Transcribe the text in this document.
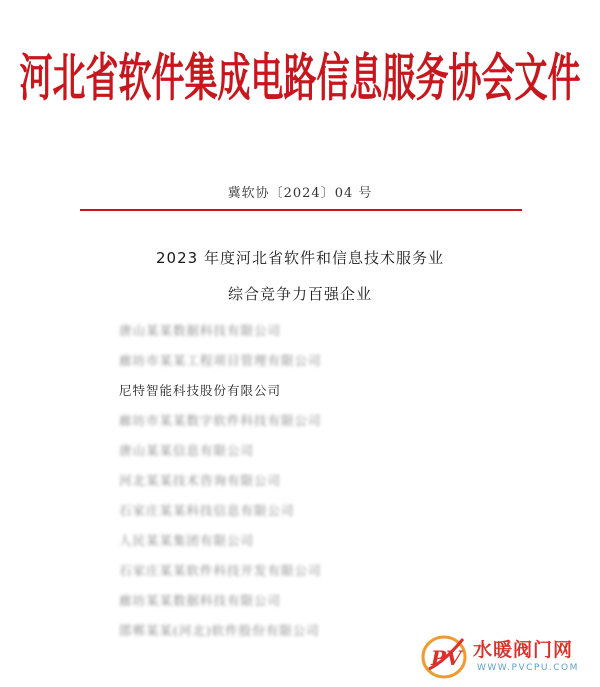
河北省软件集成电路信息服务协会文件
冀软协〔2024〕04 号
2023 年度河北省软件和信息技术服务业
综合竞争力百强企业
唐山某某数据科技有限公司
廊坊市某某工程项目管理有限公司
尼特智能科技股份有限公司
廊坊市某某数字软件科技有限公司
唐山某某信息有限公司
河北某某技术咨询有限公司
石家庄某某科技信息有限公司
人民某某集团有限公司
石家庄某某软件科技开发有限公司
廊坊某某数据科技有限公司
邯郸某某(河北)软件股份有限公司
PV 水暖阀门网
WWW.PVCPU.COM
